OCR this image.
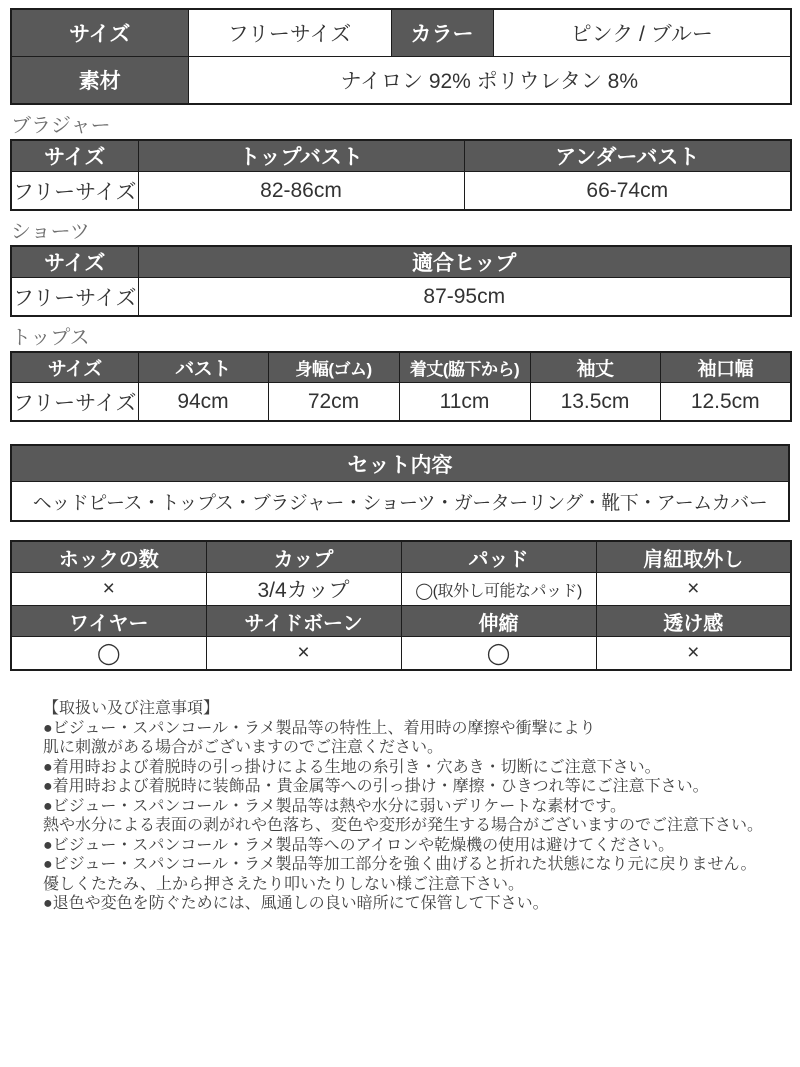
サイズ	フリーサイズ	カラー	ピンク / ブルー
素材	ナイロン 92% ポリウレタン 8%		
ブラジャー
サイズ	トップバスト	アンダーバスト
フリーサイズ	82-86cm	66-74cm
ショーツ
サイズ	適合ヒップ
フリーサイズ	87-95cm
トップス
サイズ	バスト	身幅(ゴム)	着丈(脇下から)	袖丈	袖口幅
フリーサイズ	94cm	72cm	11cm	13.5cm	12.5cm
セット内容
ヘッドピース・トップス・ブラジャー・ショーツ・ガーターリング・靴下・アームカバー
ホックの数	カップ	パッド	肩紐取外し
×	3/4カップ	◯(取外し可能なパッド)	×
ワイヤー	サイドボーン	伸縮	透け感
◯	×	◯	×
【取扱い及び注意事項】
●ビジュー・スパンコール・ラメ製品等の特性上、着用時の摩擦や衝撃により
肌に刺激がある場合がございますのでご注意ください。
●着用時および着脱時の引っ掛けによる生地の糸引き・穴あき・切断にご注意下さい。
●着用時および着脱時に装飾品・貴金属等への引っ掛け・摩擦・ひきつれ等にご注意下さい。
●ビジュー・スパンコール・ラメ製品等は熱や水分に弱いデリケートな素材です。
熱や水分による表面の剥がれや色落ち、変色や変形が発生する場合がございますのでご注意下さい。
●ビジュー・スパンコール・ラメ製品等へのアイロンや乾燥機の使用は避けてください。
●ビジュー・スパンコール・ラメ製品等加工部分を強く曲げると折れた状態になり元に戻りません。
優しくたたみ、上から押さえたり叩いたりしない様ご注意下さい。
●退色や変色を防ぐためには、風通しの良い暗所にて保管して下さい。
